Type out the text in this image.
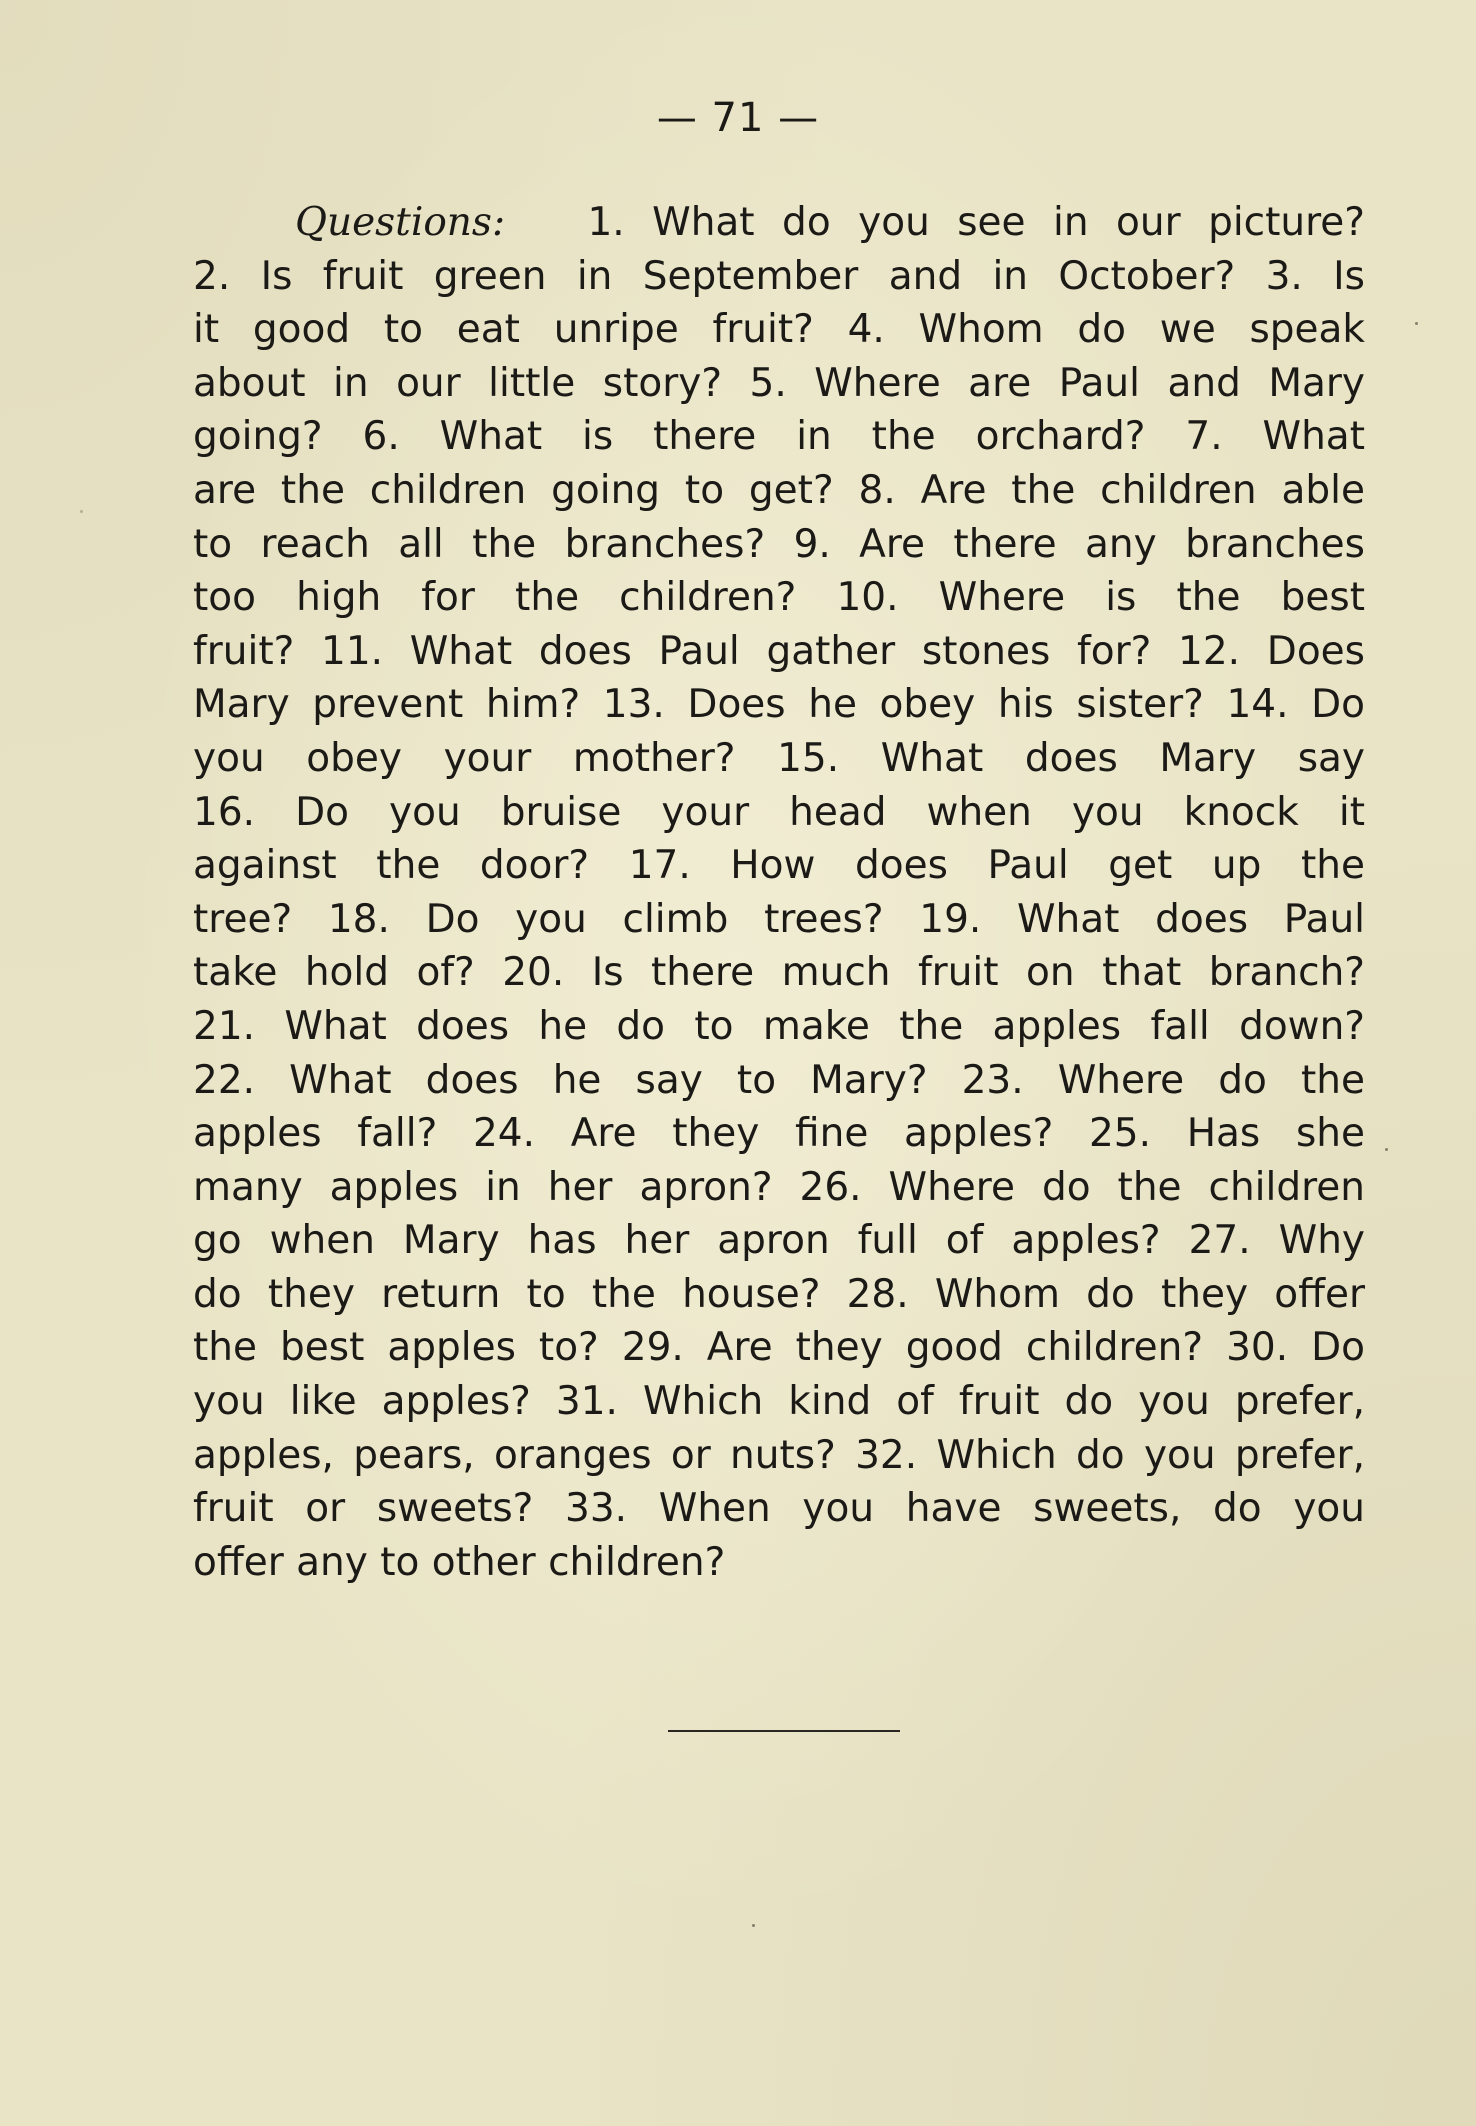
— 71 —
Questions: 1. What do you see in our picture?
2. Is fruit green in September and in October? 3. Is
it good to eat unripe fruit? 4. Whom do we speak
about in our little story? 5. Where are Paul and Mary
going? 6. What is there in the orchard? 7. What
are the children going to get? 8. Are the children able
to reach all the branches? 9. Are there any branches
too high for the children? 10. Where is the best
fruit? 11. What does Paul gather stones for? 12. Does
Mary prevent him? 13. Does he obey his sister? 14. Do
you obey your mother? 15. What does Mary say
16. Do you bruise your head when you knock it
against the door? 17. How does Paul get up the
tree? 18. Do you climb trees? 19. What does Paul
take hold of? 20. Is there much fruit on that branch?
21. What does he do to make the apples fall down?
22. What does he say to Mary? 23. Where do the
apples fall? 24. Are they fine apples? 25. Has she
many apples in her apron? 26. Where do the children
go when Mary has her apron full of apples? 27. Why
do they return to the house? 28. Whom do they offer
the best apples to? 29. Are they good children? 30. Do
you like apples? 31. Which kind of fruit do you prefer,
apples, pears, oranges or nuts? 32. Which do you prefer,
fruit or sweets? 33. When you have sweets, do you
offer any to other children?
